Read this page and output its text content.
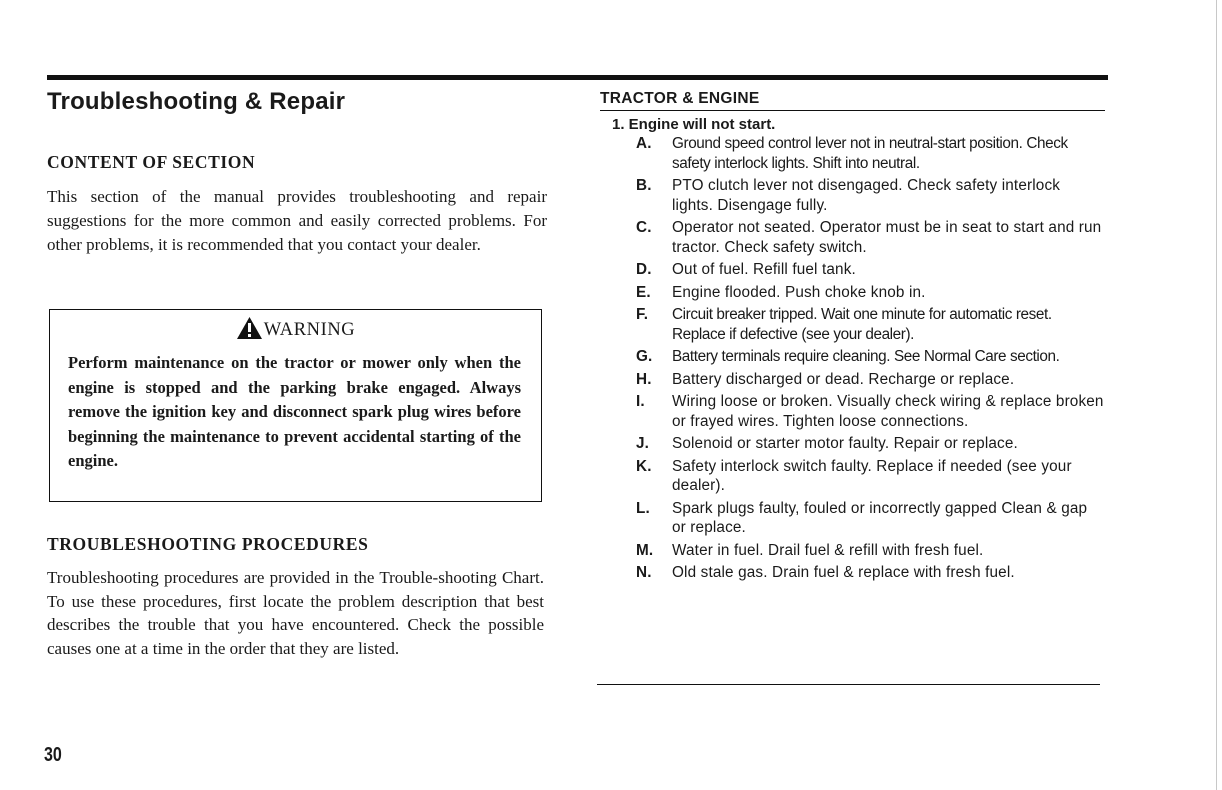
Troubleshooting & Repair
CONTENT OF SECTION

This section of the manual provides troubleshooting and repair suggestions for the more common and easily corrected problems. For other problems, it is recommended that you contact your dealer.

WARNING

Perform maintenance on the tractor or mower only when the engine is stopped and the parking brake engaged. Always remove the ignition key and disconnect spark plug wires before beginning the maintenance to prevent accidental starting of the engine.

TROUBLESHOOTING PROCEDURES

Troubleshooting procedures are provided in the Trouble-shooting Chart. To use these procedures, first locate the problem description that best describes the trouble that you have encountered. Check the possible causes one at a time in the order that they are listed.

30
TRACTOR & ENGINE
1. Engine will not start.
A.	Ground speed control lever not in neutral-start position. Check safety interlock lights. Shift into neutral.
B.	PTO clutch lever not disengaged. Check safety interlock lights. Disengage fully.
C.	Operator not seated. Operator must be in seat to start and run tractor. Check safety switch.
D.	Out of fuel. Refill fuel tank.
E.	Engine flooded. Push choke knob in.
F.	Circuit breaker tripped. Wait one minute for automatic reset. Replace if defective (see your dealer).
G.	Battery terminals require cleaning. See Normal Care section.
H.	Battery discharged or dead. Recharge or replace.
I.	Wiring loose or broken. Visually check wiring & replace broken or frayed wires. Tighten loose connections.
J.	Solenoid or starter motor faulty. Repair or replace.
K.	Safety interlock switch faulty. Replace if needed (see your dealer).
L.	Spark plugs faulty, fouled or incorrectly gapped Clean & gap or replace.
M.	Water in fuel. Drail fuel & refill with fresh fuel.
N.	Old stale gas. Drain fuel & replace with fresh fuel.
